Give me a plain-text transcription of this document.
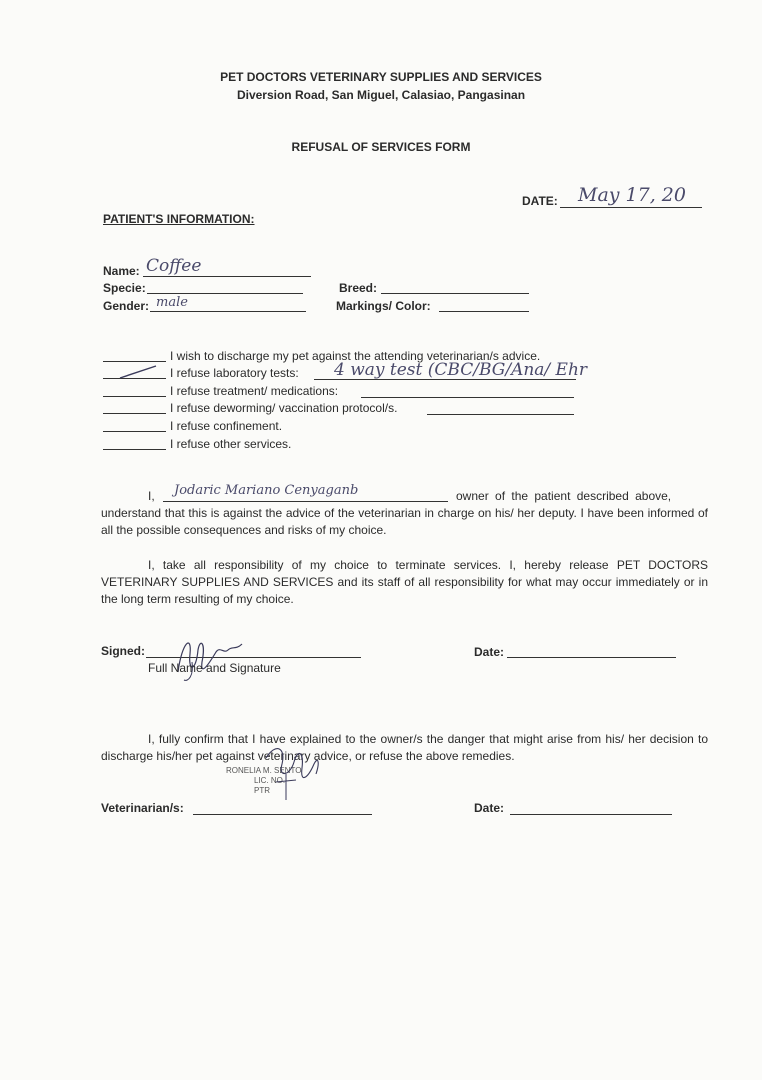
PET DOCTORS VETERINARY SUPPLIES AND SERVICES
Diversion Road, San Miguel, Calasiao, Pangasinan
REFUSAL OF SERVICES FORM
DATE: May 17, 20
PATIENT'S INFORMATION:
Name: Coffee
Specie:	Breed:
Gender: male	Markings/ Color:
I wish to discharge my pet against the attending veterinarian/s advice.
I refuse laboratory tests: 4 way test (CBC/BG/Ana/ Ehr
I refuse treatment/ medications:
I refuse deworming/ vaccination protocol/s.
I refuse confinement.
I refuse other services.
I, Jodaric Mariano Cenyaganb	owner of the patient described above,
understand that this is against the advice of the veterinarian in charge on his/ her deputy. I have been informed of all the possible consequences and risks of my choice.
I, take all responsibility of my choice to terminate services. I, hereby release PET DOCTORS VETERINARY SUPPLIES AND SERVICES and its staff of all responsibility for what may occur immediately or in the long term resulting of my choice.
Signed:
Full Name and Signature
Date:
I, fully confirm that I have explained to the owner/s the danger that might arise from his/ her decision to discharge his/her pet against veterinary advice, or refuse the above remedies.
RONELIA M. SENTO
LIC. NO.
PTR
Veterinarian/s:	Date:
